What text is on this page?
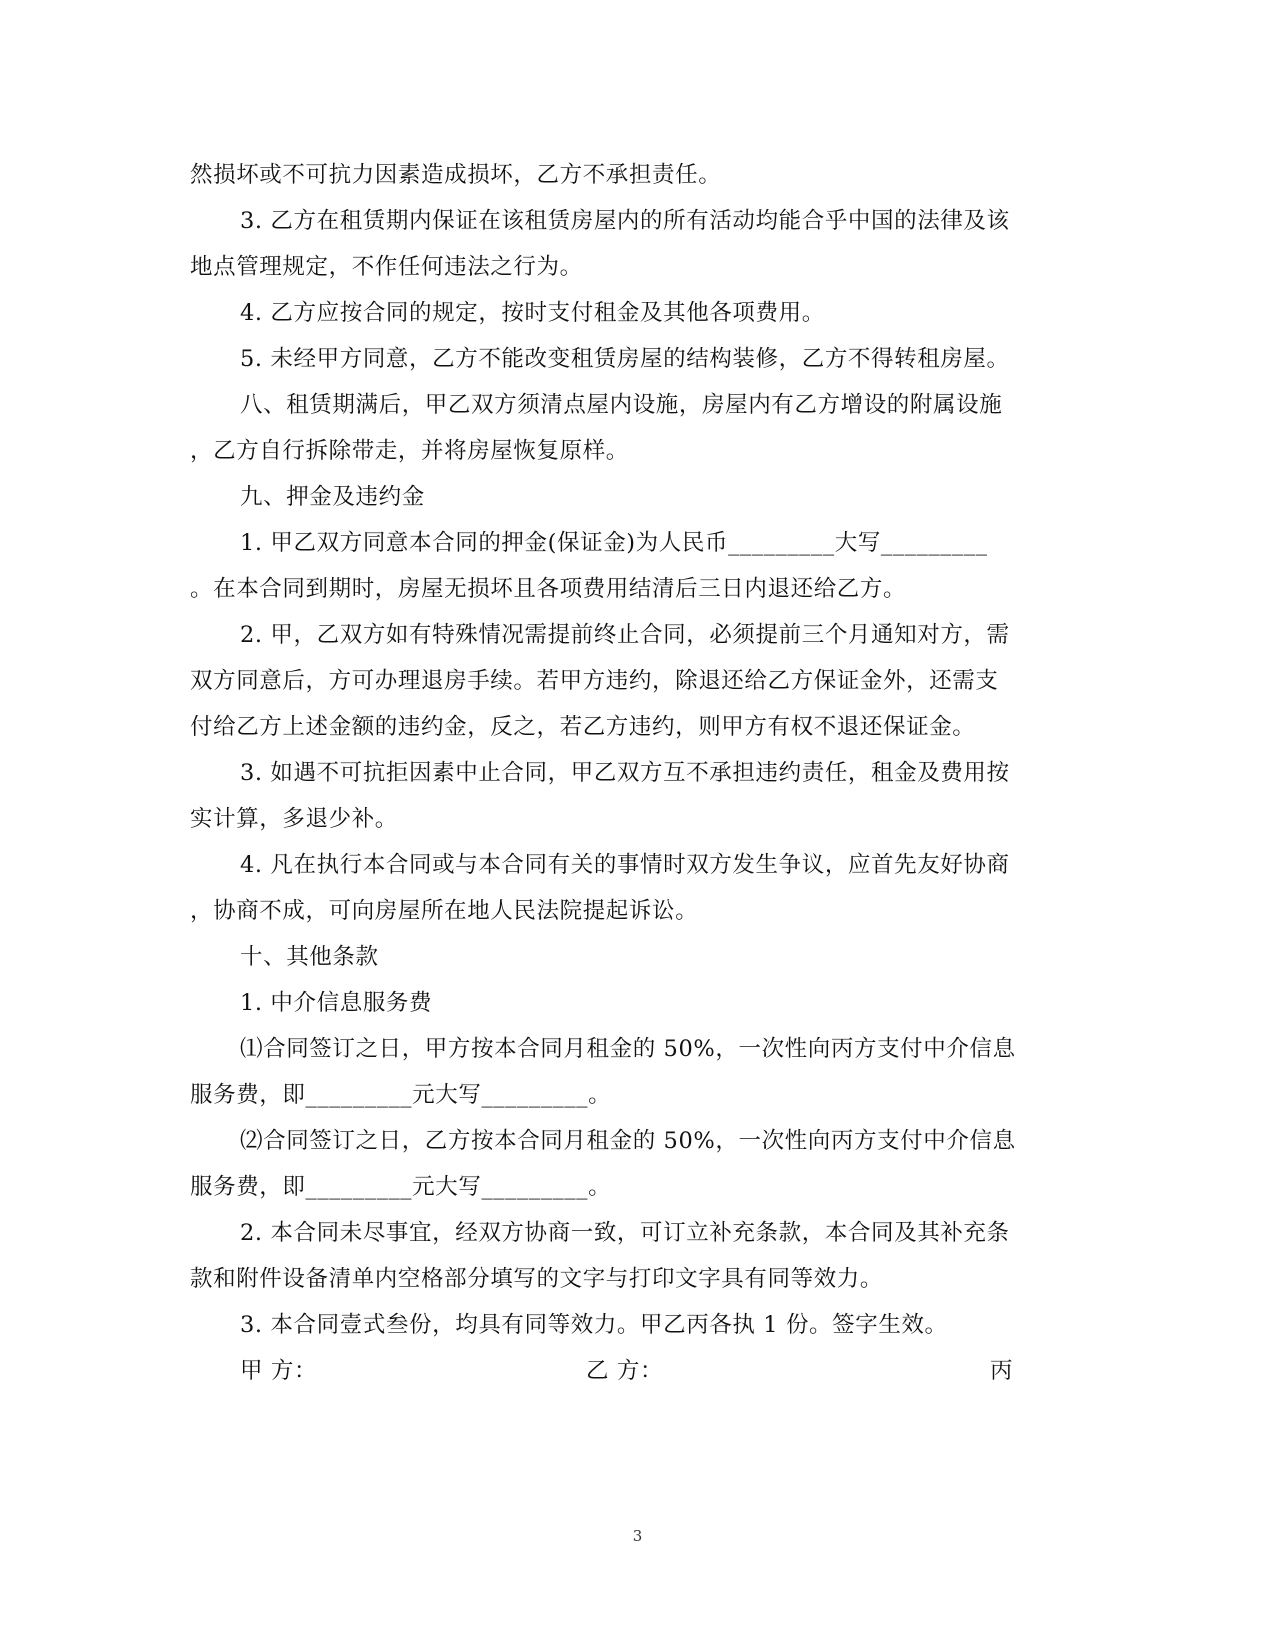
然损坏或不可抗力因素造成损坏，乙方不承担责任。
3. 乙方在租赁期内保证在该租赁房屋内的所有活动均能合乎中国的法律及该
地点管理规定，不作任何违法之行为。
4. 乙方应按合同的规定，按时支付租金及其他各项费用。
5. 未经甲方同意，乙方不能改变租赁房屋的结构装修，乙方不得转租房屋。
八、租赁期满后，甲乙双方须清点屋内设施，房屋内有乙方增设的附属设施
，乙方自行拆除带走，并将房屋恢复原样。
九、押金及违约金
1. 甲乙双方同意本合同的押金(保证金)为人民币_________大写_________
。在本合同到期时，房屋无损坏且各项费用结清后三日内退还给乙方。
2. 甲，乙双方如有特殊情况需提前终止合同，必须提前三个月通知对方，需
双方同意后，方可办理退房手续。若甲方违约，除退还给乙方保证金外，还需支
付给乙方上述金额的违约金，反之，若乙方违约，则甲方有权不退还保证金。
3. 如遇不可抗拒因素中止合同，甲乙双方互不承担违约责任，租金及费用按
实计算，多退少补。
4. 凡在执行本合同或与本合同有关的事情时双方发生争议，应首先友好协商
，协商不成，可向房屋所在地人民法院提起诉讼。
十、其他条款
1. 中介信息服务费
⑴合同签订之日，甲方按本合同月租金的 50%，一次性向丙方支付中介信息
服务费，即_________元大写_________。
⑵合同签订之日，乙方按本合同月租金的 50%，一次性向丙方支付中介信息
服务费，即_________元大写_________。
2. 本合同未尽事宜，经双方协商一致，可订立补充条款，本合同及其补充条
款和附件设备清单内空格部分填写的文字与打印文字具有同等效力。
3. 本合同壹式叁份，均具有同等效力。甲乙丙各执 1 份。签字生效。
甲 方：	乙 方：	丙
3
